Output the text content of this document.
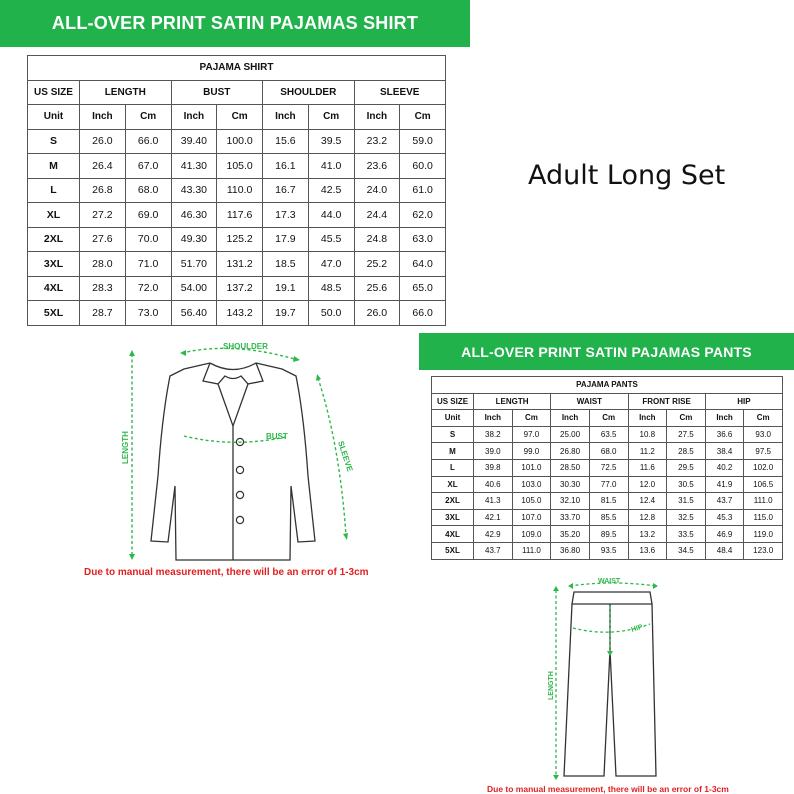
ALL-OVER PRINT SATIN PAJAMAS SHIRT
PAJAMA SHIRT								
US SIZE	LENGTH		BUST		SHOULDER		SLEEVE	
Unit	Inch	Cm	Inch	Cm	Inch	Cm	Inch	Cm
S	26.0	66.0	39.40	100.0	15.6	39.5	23.2	59.0
M	26.4	67.0	41.30	105.0	16.1	41.0	23.6	60.0
L	26.8	68.0	43.30	110.0	16.7	42.5	24.0	61.0
XL	27.2	69.0	46.30	117.6	17.3	44.0	24.4	62.0
2XL	27.6	70.0	49.30	125.2	17.9	45.5	24.8	63.0
3XL	28.0	71.0	51.70	131.2	18.5	47.0	25.2	64.0
4XL	28.3	72.0	54.00	137.2	19.1	48.5	25.6	65.0
5XL	28.7	73.0	56.40	143.2	19.7	50.0	26.0	66.0
Adult Long Set
SHOULDER
BUST
LENGTH	SLEEVE
Due to manual measurement, there will be an error of 1-3cm
ALL-OVER PRINT SATIN PAJAMAS PANTS
PAJAMA PANTS								
US SIZE	LENGTH		WAIST		FRONT RISE		HIP	
Unit	Inch	Cm	Inch	Cm	Inch	Cm	Inch	Cm
S	38.2	97.0	25.00	63.5	10.8	27.5	36.6	93.0
M	39.0	99.0	26.80	68.0	11.2	28.5	38.4	97.5
L	39.8	101.0	28.50	72.5	11.6	29.5	40.2	102.0
XL	40.6	103.0	30.30	77.0	12.0	30.5	41.9	106.5
2XL	41.3	105.0	32.10	81.5	12.4	31.5	43.7	111.0
3XL	42.1	107.0	33.70	85.5	12.8	32.5	45.3	115.0
4XL	42.9	109.0	35.20	89.5	13.2	33.5	46.9	119.0
5XL	43.7	111.0	36.80	93.5	13.6	34.5	48.4	123.0
WAIST
HIP
LENGTH
Due to manual measurement, there will be an error of 1-3cm
